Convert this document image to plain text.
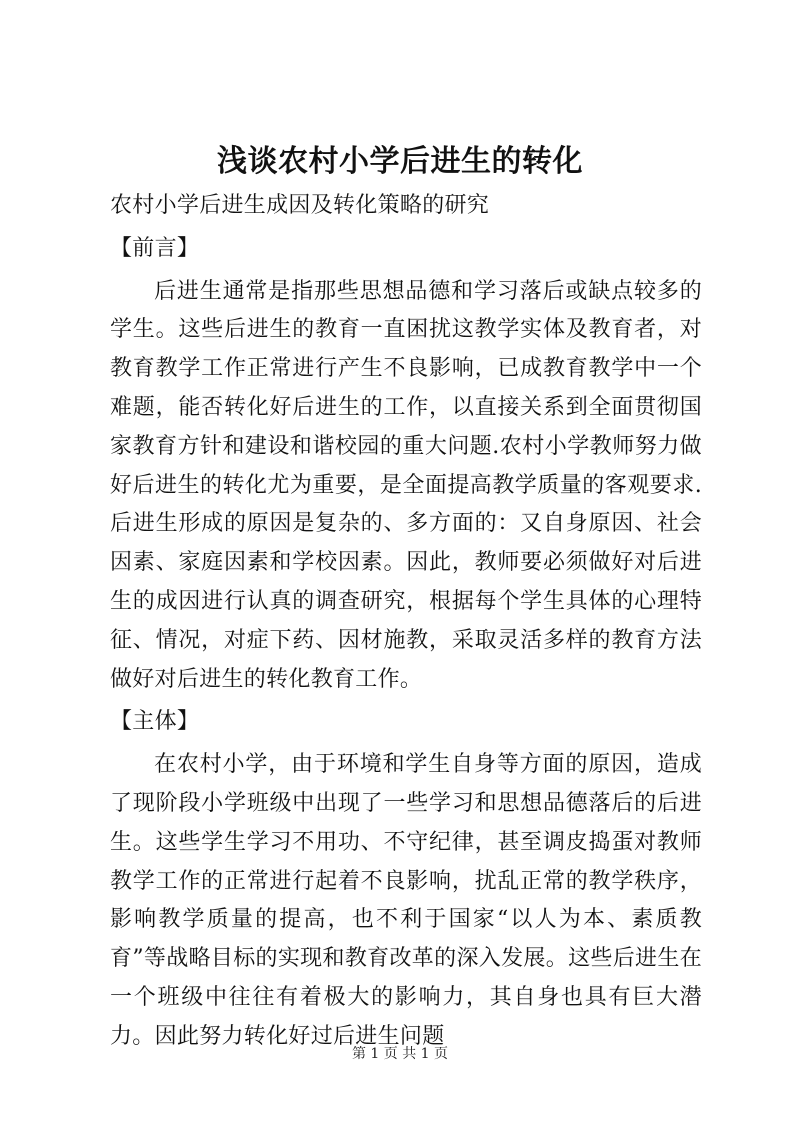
浅谈农村小学后进生的转化

农村小学后进生成因及转化策略的研究

【前言】

后进生通常是指那些思想品德和学习落后或缺点较多的学生。这些后进生的教育一直困扰这教学实体及教育者，对教育教学工作正常进行产生不良影响，已成教育教学中一个难题，能否转化好后进生的工作，以直接关系到全面贯彻国家教育方针和建设和谐校园的重大问题.农村小学教师努力做好后进生的转化尤为重要，是全面提高教学质量的客观要求.后进生形成的原因是复杂的、多方面的：又自身原因、社会因素、家庭因素和学校因素。因此，教师要必须做好对后进生的成因进行认真的调查研究，根据每个学生具体的心理特征、情况，对症下药、因材施教，采取灵活多样的教育方法做好对后进生的转化教育工作。

【主体】

在农村小学，由于环境和学生自身等方面的原因，造成了现阶段小学班级中出现了一些学习和思想品德落后的后进生。这些学生学习不用功、不守纪律，甚至调皮捣蛋对教师教学工作的正常进行起着不良影响，扰乱正常的教学秩序，影响教学质量的提高，也不利于国家“以人为本、素质教育”等战略目标的实现和教育改革的深入发展。这些后进生在一个班级中往往有着极大的影响力，其自身也具有巨大潜力。因此努力转化好过后进生问题

第 1 页 共 1 页
